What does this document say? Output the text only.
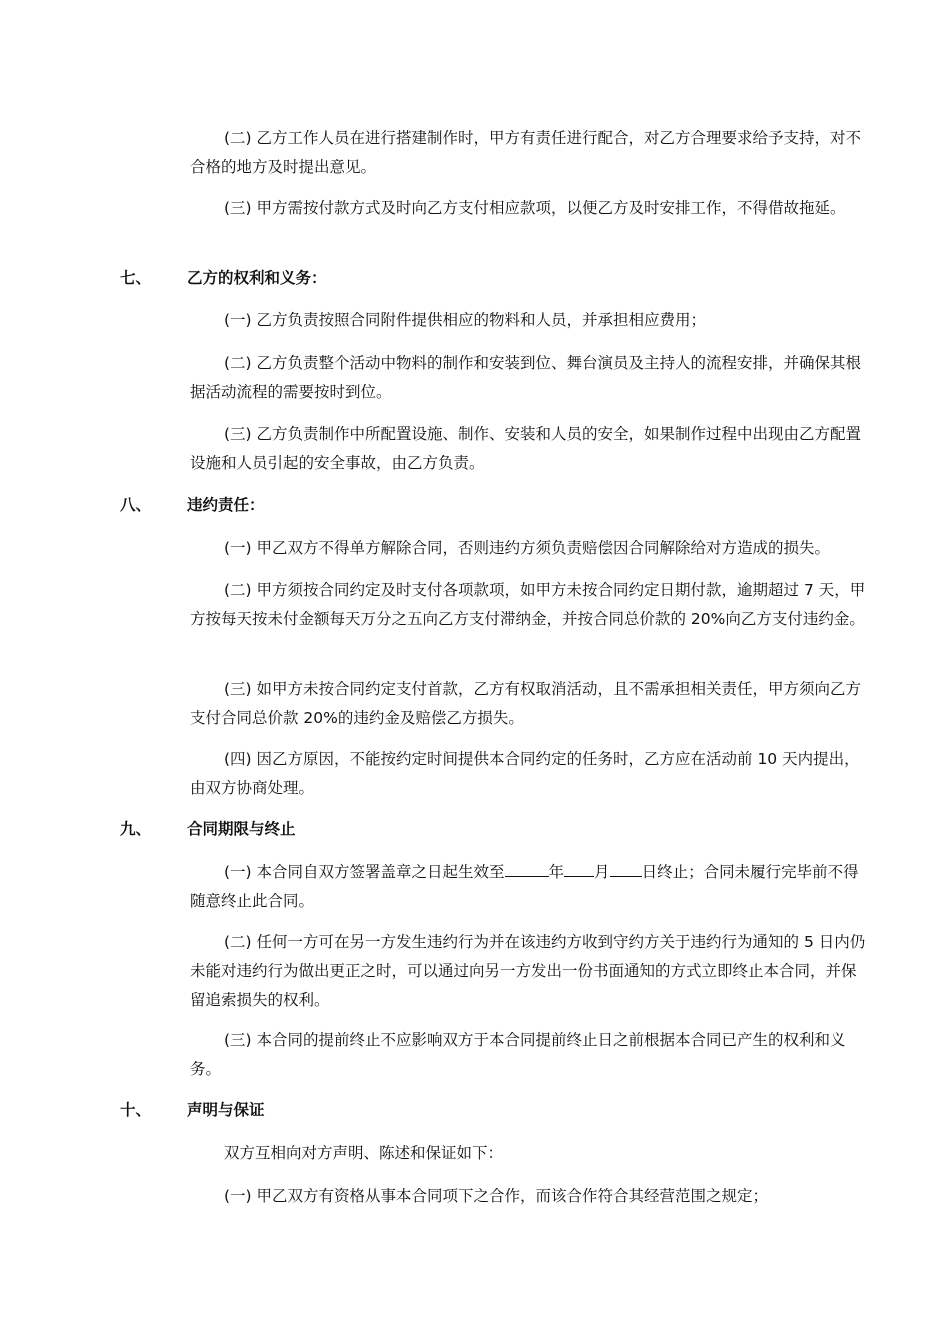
(二) 乙方工作人员在进行搭建制作时，甲方有责任进行配合，对乙方合理要求给予支持，对不合格的地方及时提出意见。

(三) 甲方需按付款方式及时向乙方支付相应款项，以便乙方及时安排工作，不得借故拖延。

七、 乙方的权利和义务：

(一) 乙方负责按照合同附件提供相应的物料和人员，并承担相应费用；

(二) 乙方负责整个活动中物料的制作和安装到位、舞台演员及主持人的流程安排，并确保其根据活动流程的需要按时到位。

(三) 乙方负责制作中所配置设施、制作、安装和人员的安全，如果制作过程中出现由乙方配置设施和人员引起的安全事故，由乙方负责。

八、 违约责任：

(一) 甲乙双方不得单方解除合同，否则违约方须负责赔偿因合同解除给对方造成的损失。

(二) 甲方须按合同约定及时支付各项款项，如甲方未按合同约定日期付款，逾期超过 7 天，甲方按每天按未付金额每天万分之五向乙方支付滞纳金，并按合同总价款的 20%向乙方支付违约金。

(三) 如甲方未按合同约定支付首款，乙方有权取消活动，且不需承担相关责任，甲方须向乙方支付合同总价款 20%的违约金及赔偿乙方损失。

(四) 因乙方原因，不能按约定时间提供本合同约定的任务时，乙方应在活动前 10 天内提出，由双方协商处理。

九、 合同期限与终止

(一) 本合同自双方签署盖章之日起生效至	年 月 日终止；合同未履行完毕前不得随意终止此合同。

(二) 任何一方可在另一方发生违约行为并在该违约方收到守约方关于违约行为通知的 5 日内仍未能对违约行为做出更正之时，可以通过向另一方发出一份书面通知的方式立即终止本合同，并保留追索损失的权利。

(三) 本合同的提前终止不应影响双方于本合同提前终止日之前根据本合同已产生的权利和义务。

十、 声明与保证

双方互相向对方声明、陈述和保证如下：

(一) 甲乙双方有资格从事本合同项下之合作，而该合作符合其经营范围之规定；
